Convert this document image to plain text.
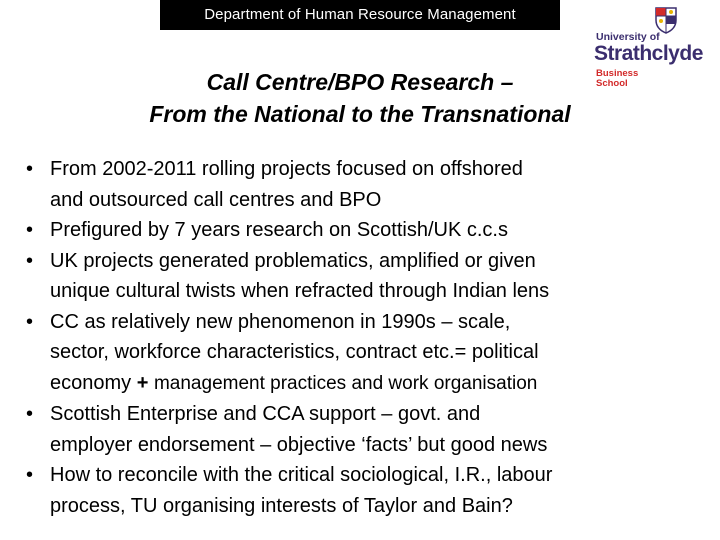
Department of Human Resource Management
University of
Strathclyde
Business
School
Call Centre/BPO Research –
From the National to the Transnational
• From 2002-2011 rolling projects focused on offshored
and outsourced call centres and BPO
• Prefigured by 7 years research on Scottish/UK c.c.s
• UK projects generated problematics, amplified or given
unique cultural twists when refracted through Indian lens
• CC as relatively new phenomenon in 1990s – scale,
sector, workforce characteristics, contract etc.= political
economy + management practices and work organisation
• Scottish Enterprise and CCA support – govt. and
employer endorsement – objective ‘facts’ but good news
• How to reconcile with the critical sociological, I.R., labour
process, TU organising interests of Taylor and Bain?
